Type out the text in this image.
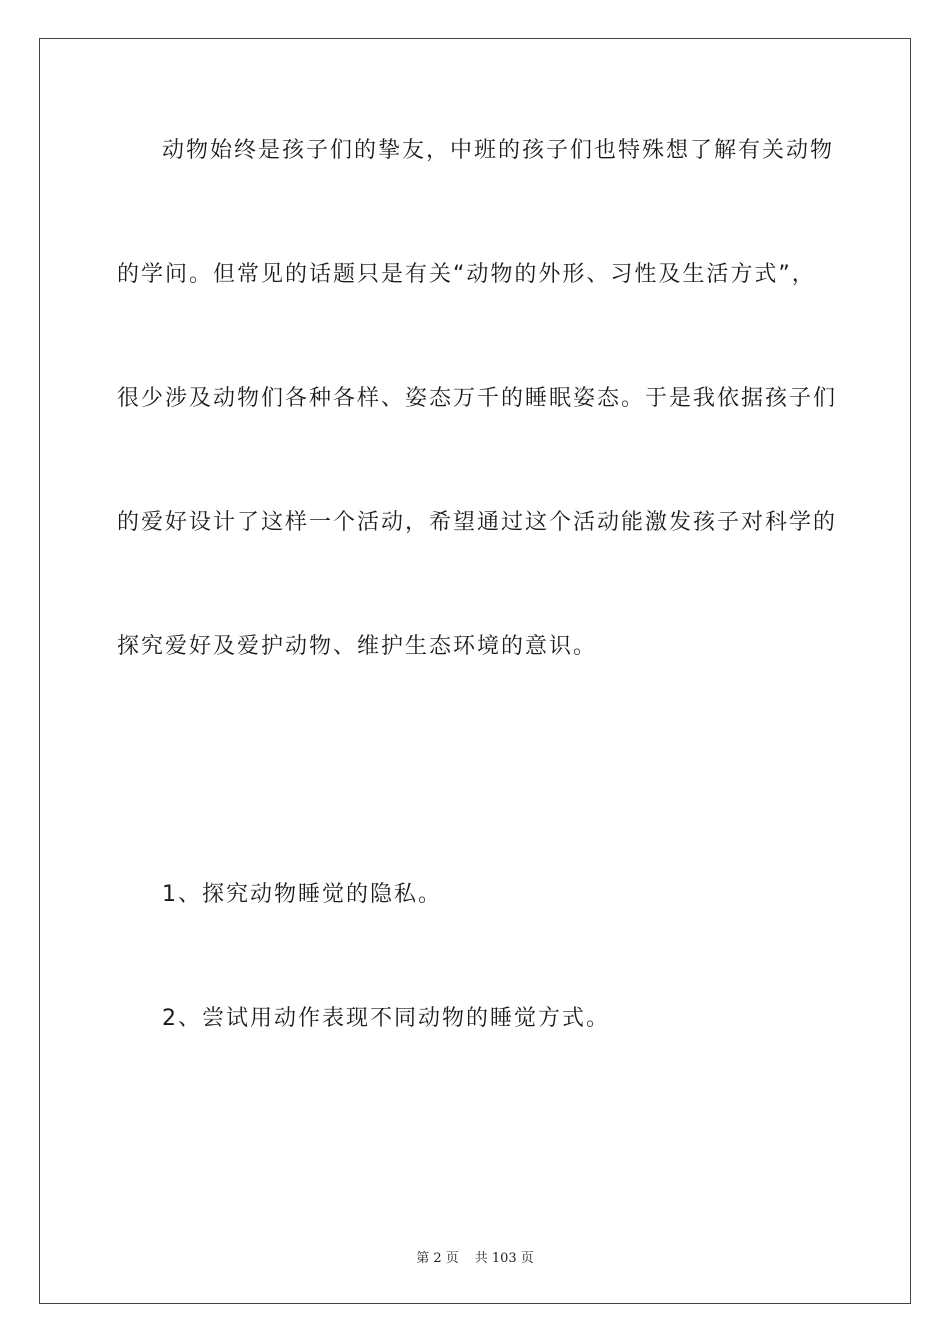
动物始终是孩子们的挚友，中班的孩子们也特殊想了解有关动物
的学问。但常见的话题只是有关“动物的外形、习性及生活方式”，
很少涉及动物们各种各样、姿态万千的睡眠姿态。于是我依据孩子们
的爱好设计了这样一个活动，希望通过这个活动能激发孩子对科学的
探究爱好及爱护动物、维护生态环境的意识。
1、探究动物睡觉的隐私。
2、尝试用动作表现不同动物的睡觉方式。
第 2 页 共 103 页
